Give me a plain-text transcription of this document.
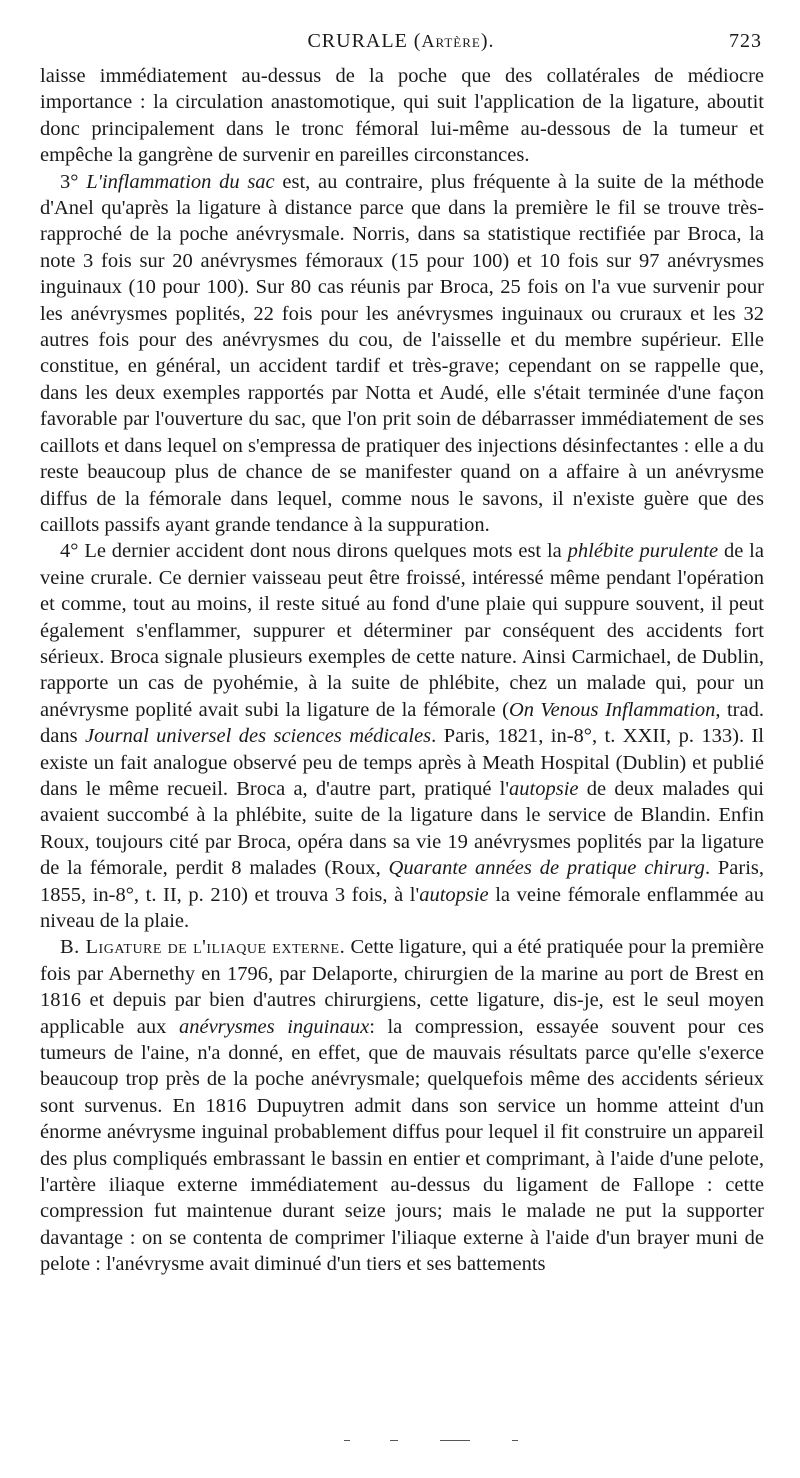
CRURALE (Artère).	723

laisse immédiatement au-dessus de la poche que des collatérales de médiocre importance : la circulation anastomotique, qui suit l'application de la ligature, aboutit donc principalement dans le tronc fémoral lui-même au-dessous de la tumeur et empêche la gangrène de survenir en pareilles circonstances.

3° L'inflammation du sac est, au contraire, plus fréquente à la suite de la méthode d'Anel qu'après la ligature à distance parce que dans la première le fil se trouve très-rapproché de la poche anévrysmale. Norris, dans sa statistique rectifiée par Broca, la note 3 fois sur 20 anévrysmes fémoraux (15 pour 100) et 10 fois sur 97 anévrysmes inguinaux (10 pour 100). Sur 80 cas réunis par Broca, 25 fois on l'a vue survenir pour les anévrysmes poplités, 22 fois pour les anévrysmes inguinaux ou cruraux et les 32 autres fois pour des anévrysmes du cou, de l'aisselle et du membre supérieur. Elle constitue, en général, un accident tardif et très-grave; cependant on se rappelle que, dans les deux exemples rapportés par Notta et Audé, elle s'était terminée d'une façon favorable par l'ouverture du sac, que l'on prit soin de débarrasser immédiatement de ses caillots et dans lequel on s'empressa de pratiquer des injections désinfectantes : elle a du reste beaucoup plus de chance de se manifester quand on a affaire à un anévrysme diffus de la fémorale dans lequel, comme nous le savons, il n'existe guère que des caillots passifs ayant grande tendance à la suppuration.

4° Le dernier accident dont nous dirons quelques mots est la phlébite purulente de la veine crurale. Ce dernier vaisseau peut être froissé, intéressé même pendant l'opération et comme, tout au moins, il reste situé au fond d'une plaie qui suppure souvent, il peut également s'enflammer, suppurer et déterminer par conséquent des accidents fort sérieux. Broca signale plusieurs exemples de cette nature. Ainsi Carmichael, de Dublin, rapporte un cas de pyohémie, à la suite de phlébite, chez un malade qui, pour un anévrysme poplité avait subi la ligature de la fémorale (On Venous Inflammation, trad. dans Journal universel des sciences médicales. Paris, 1821, in-8°, t. XXII, p. 133). Il existe un fait analogue observé peu de temps après à Meath Hospital (Dublin) et publié dans le même recueil. Broca a, d'autre part, pratiqué l'autopsie de deux malades qui avaient succombé à la phlébite, suite de la ligature dans le service de Blandin. Enfin Roux, toujours cité par Broca, opéra dans sa vie 19 anévrysmes poplités par la ligature de la fémorale, perdit 8 malades (Roux, Quarante années de pratique chirurg. Paris, 1855, in-8°, t. II, p. 210) et trouva 3 fois, à l'autopsie la veine fémorale enflammée au niveau de la plaie.

B. Ligature de l'iliaque externe. Cette ligature, qui a été pratiquée pour la première fois par Abernethy en 1796, par Delaporte, chirurgien de la marine au port de Brest en 1816 et depuis par bien d'autres chirurgiens, cette ligature, dis-je, est le seul moyen applicable aux anévrysmes inguinaux: la compression, essayée souvent pour ces tumeurs de l'aine, n'a donné, en effet, que de mauvais résultats parce qu'elle s'exerce beaucoup trop près de la poche anévrysmale; quelquefois même des accidents sérieux sont survenus. En 1816 Dupuytren admit dans son service un homme atteint d'un énorme anévrysme inguinal probablement diffus pour lequel il fit construire un appareil des plus compliqués embrassant le bassin en entier et comprimant, à l'aide d'une pelote, l'artère iliaque externe immédiatement au-dessus du ligament de Fallope : cette compression fut maintenue durant seize jours; mais le malade ne put la supporter davantage : on se contenta de comprimer l'iliaque externe à l'aide d'un brayer muni de pelote : l'anévrysme avait diminué d'un tiers et ses battements
